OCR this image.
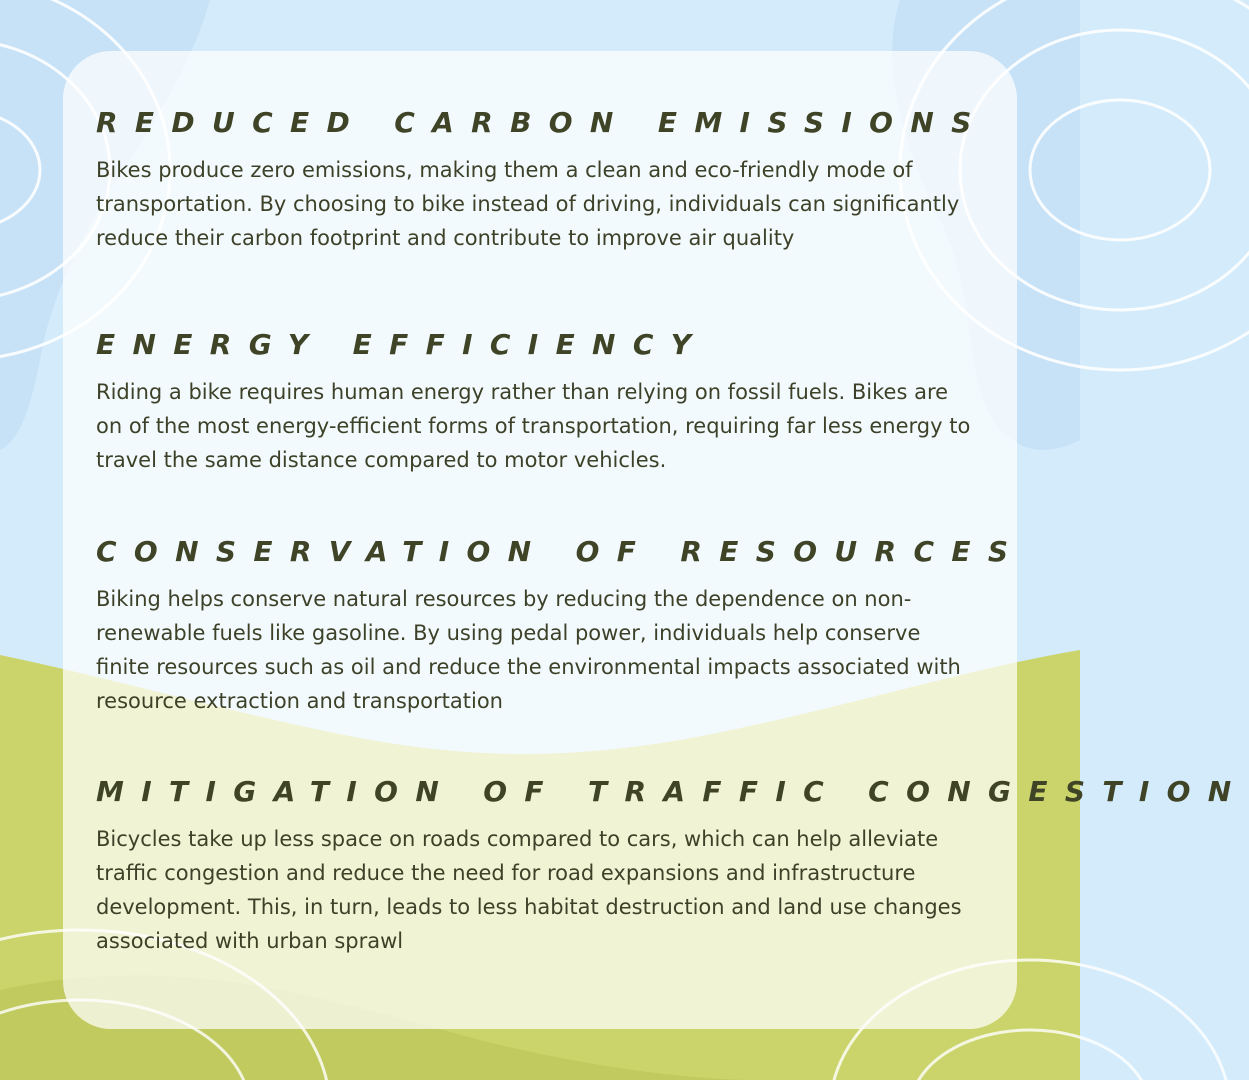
REDUCED CARBON EMISSIONS

Bikes produce zero emissions, making them a clean and eco-friendly mode of transportation. By choosing to bike instead of driving, individuals can significantly reduce their carbon footprint and contribute to improve air quality

ENERGY EFFICIENCY

Riding a bike requires human energy rather than relying on fossil fuels. Bikes are on of the most energy-efficient forms of transportation, requiring far less energy to travel the same distance compared to motor vehicles.

CONSERVATION OF RESOURCES

Biking helps conserve natural resources by reducing the dependence on non-renewable fuels like gasoline. By using pedal power, individuals help conserve finite resources such as oil and reduce the environmental impacts associated with resource extraction and transportation

MITIGATION OF TRAFFIC CONGESTION

Bicycles take up less space on roads compared to cars, which can help alleviate traffic congestion and reduce the need for road expansions and infrastructure development. This, in turn, leads to less habitat destruction and land use changes associated with urban sprawl
